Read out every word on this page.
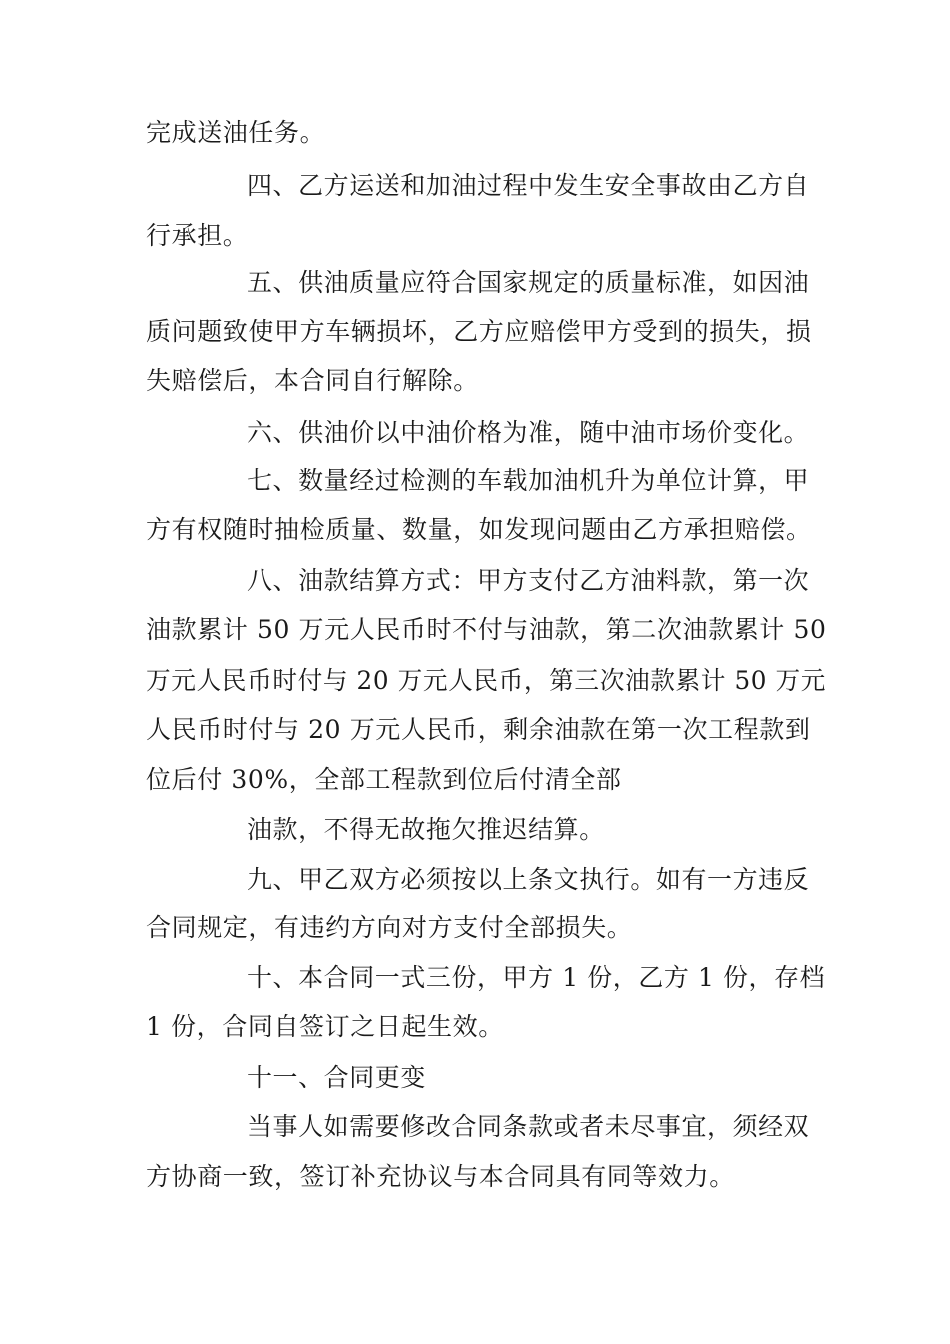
完成送油任务。

四、乙方运送和加油过程中发生安全事故由乙方自

行承担。

五、供油质量应符合国家规定的质量标准，如因油

质问题致使甲方车辆损坏，乙方应赔偿甲方受到的损失，损

失赔偿后，本合同自行解除。

六、供油价以中油价格为准，随中油市场价变化。

七、数量经过检测的车载加油机升为单位计算，甲

方有权随时抽检质量、数量，如发现问题由乙方承担赔偿。

八、油款结算方式：甲方支付乙方油料款，第一次

油款累计 50 万元人民币时不付与油款，第二次油款累计 50

万元人民币时付与 20 万元人民币，第三次油款累计 50 万元

人民币时付与 20 万元人民币，剩余油款在第一次工程款到

位后付 30%，全部工程款到位后付清全部

油款，不得无故拖欠推迟结算。

九、甲乙双方必须按以上条文执行。如有一方违反

合同规定，有违约方向对方支付全部损失。

十、本合同一式三份，甲方 1 份，乙方 1 份，存档

1 份，合同自签订之日起生效。

十一、合同更变

当事人如需要修改合同条款或者未尽事宜，须经双

方协商一致，签订补充协议与本合同具有同等效力。
